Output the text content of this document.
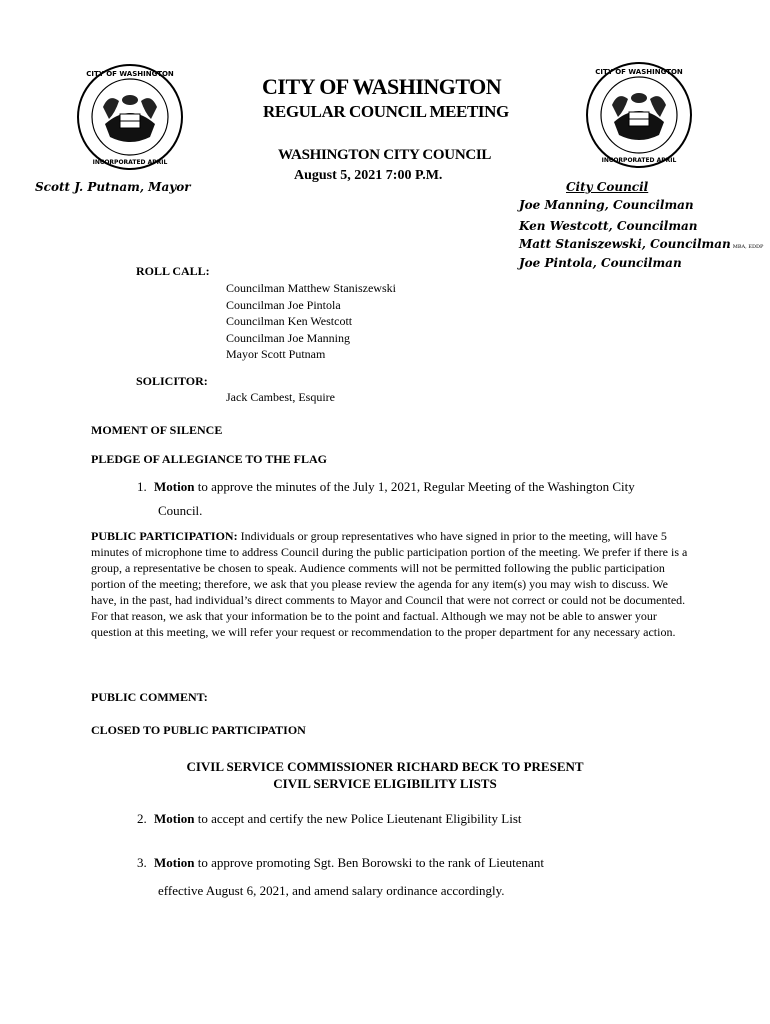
CITY OF WASHINGTON
INCORPORATED APRIL
CITY OF WASHINGTON
INCORPORATED APRIL
CITY OF WASHINGTON
REGULAR COUNCIL MEETING
WASHINGTON CITY COUNCIL
August 5, 2021 7:00 P.M.
Scott J. Putnam, Mayor	City Council
Joe Manning, Councilman
Ken Westcott, Councilman
Matt Staniszewski, Councilman MBA, EDDP
Joe Pintola, Councilman
ROLL CALL:
Councilman Matthew Staniszewski
Councilman Joe Pintola
Councilman Ken Westcott
Councilman Joe Manning
Mayor Scott Putnam
SOLICITOR:
Jack Cambest, Esquire
MOMENT OF SILENCE
PLEDGE OF ALLEGIANCE TO THE FLAG
1. Motion to approve the minutes of the July 1, 2021, Regular Meeting of the Washington City
Council.
PUBLIC PARTICIPATION: Individuals or group representatives who have signed in prior to the meeting, will have 5 minutes of microphone time to address Council during the public participation portion of the meeting. We prefer if there is a group, a representative be chosen to speak. Audience comments will not be permitted following the public participation portion of the meeting; therefore, we ask that you please review the agenda for any item(s) you may wish to discuss. We have, in the past, had individual’s direct comments to Mayor and Council that were not correct or could not be documented. For that reason, we ask that your information be to the point and factual. Although we may not be able to answer your question at this meeting, we will refer your request or recommendation to the proper department for any necessary action.
PUBLIC COMMENT:
CLOSED TO PUBLIC PARTICIPATION
CIVIL SERVICE COMMISSIONER RICHARD BECK TO PRESENT
CIVIL SERVICE ELIGIBILITY LISTS
2. Motion to accept and certify the new Police Lieutenant Eligibility List
3. Motion to approve promoting Sgt. Ben Borowski to the rank of Lieutenant
effective August 6, 2021, and amend salary ordinance accordingly.
